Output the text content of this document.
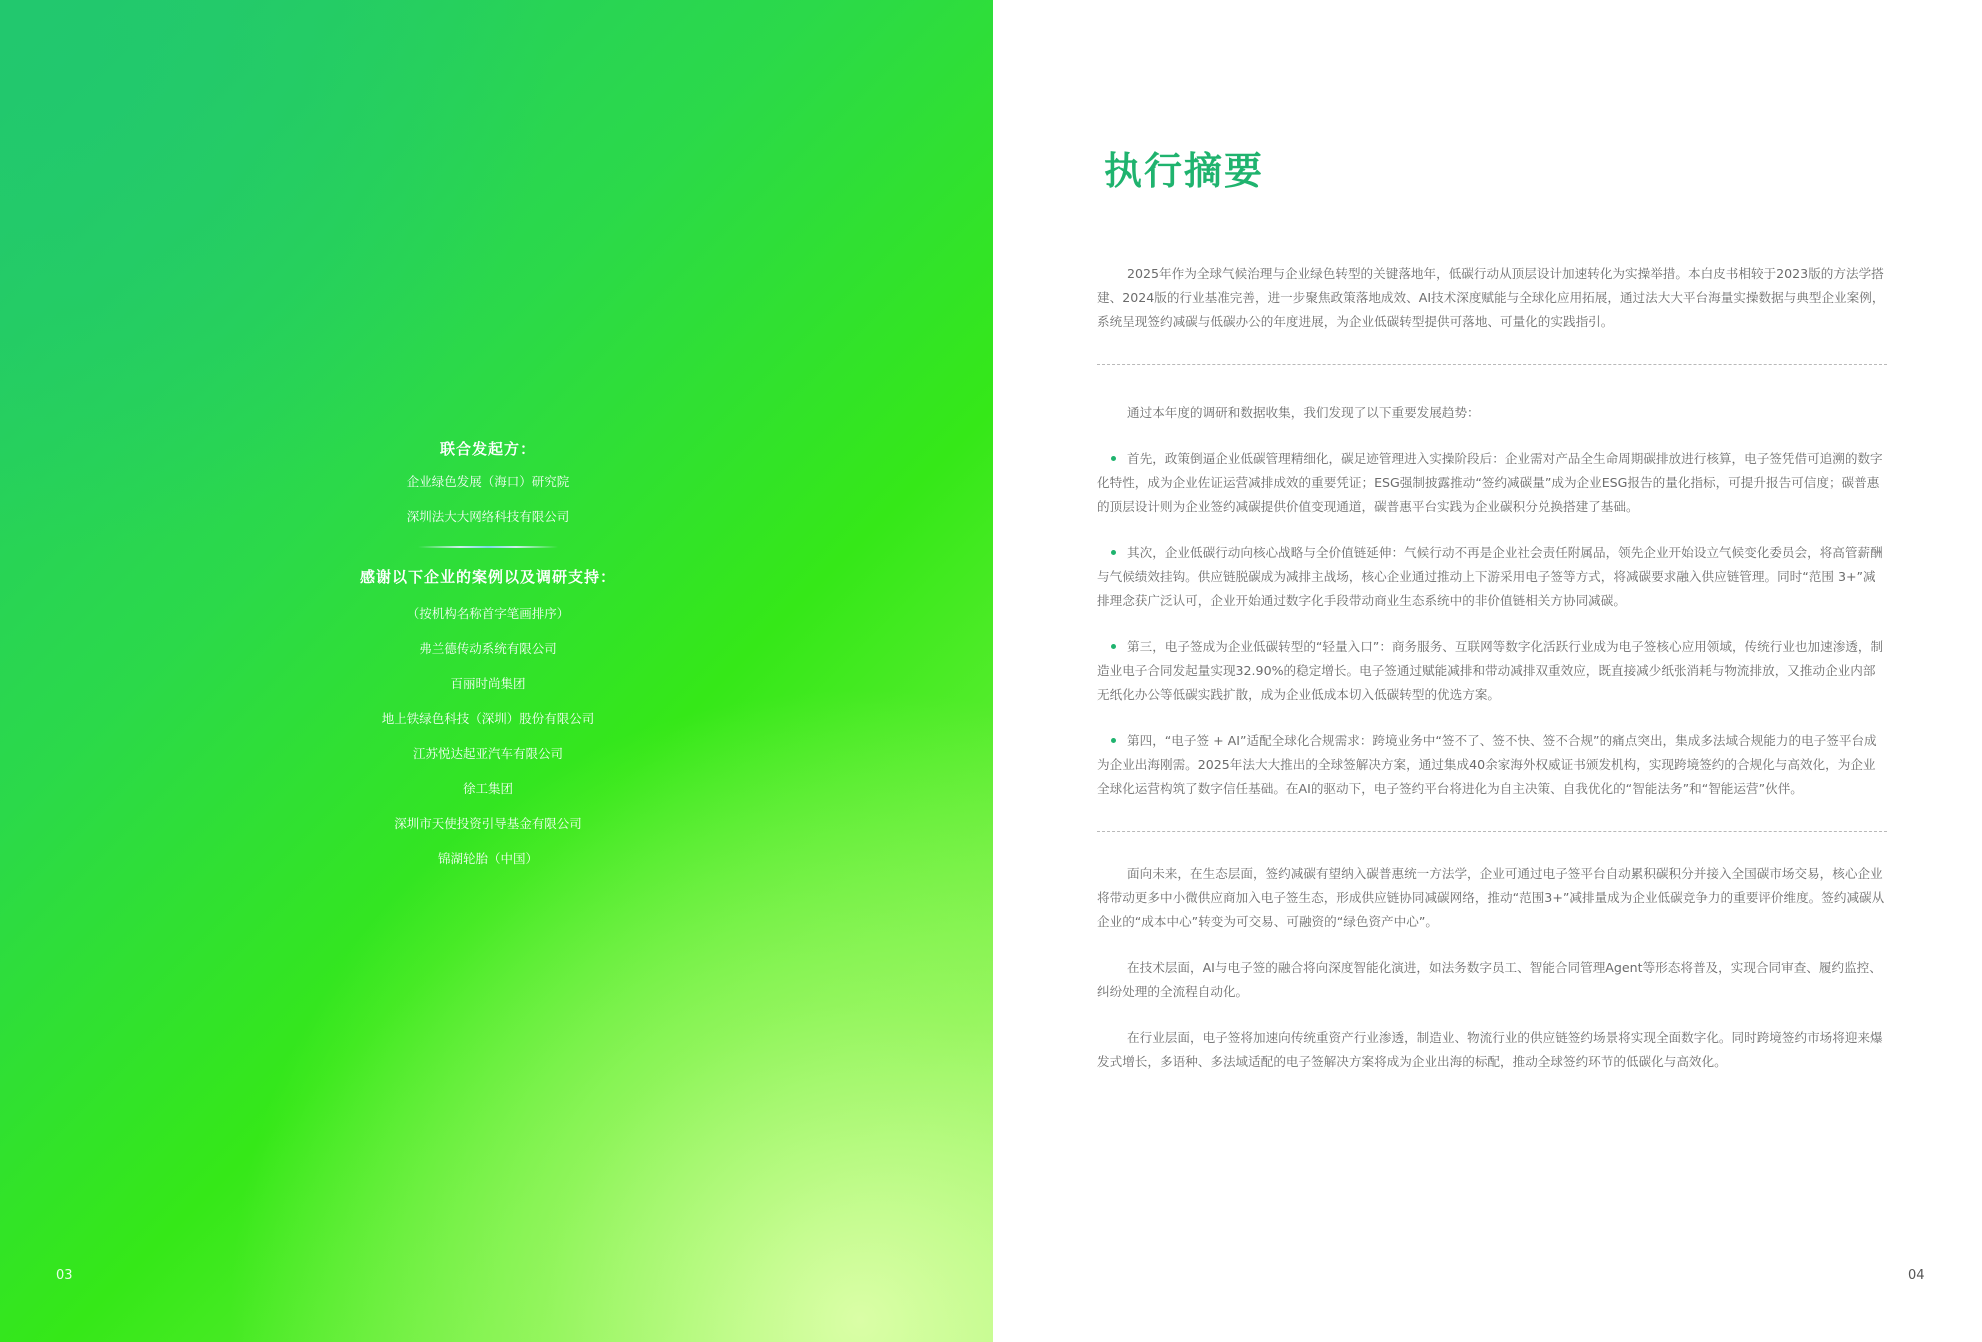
联合发起方：

企业绿色发展（海口）研究院

深圳法大大网络科技有限公司

感谢以下企业的案例以及调研支持：

（按机构名称首字笔画排序）

弗兰德传动系统有限公司

百丽时尚集团

地上铁绿色科技（深圳）股份有限公司

江苏悦达起亚汽车有限公司

徐工集团

深圳市天使投资引导基金有限公司

锦湖轮胎（中国）

03
执行摘要

2025年作为全球气候治理与企业绿色转型的关键落地年，低碳行动从顶层设计加速转化为实操举措。本白皮书相较于2023版的方法学搭建、2024版的行业基准完善，进一步聚焦政策落地成效、AI技术深度赋能与全球化应用拓展，通过法大大平台海量实操数据与典型企业案例，系统呈现签约减碳与低碳办公的年度进展，为企业低碳转型提供可落地、可量化的实践指引。

通过本年度的调研和数据收集，我们发现了以下重要发展趋势：

首先，政策倒逼企业低碳管理精细化，碳足迹管理进入实操阶段后：企业需对产品全生命周期碳排放进行核算，电子签凭借可追溯的数字化特性，成为企业佐证运营减排成效的重要凭证；ESG强制披露推动“签约减碳量”成为企业ESG报告的量化指标，可提升报告可信度；碳普惠的顶层设计则为企业签约减碳提供价值变现通道，碳普惠平台实践为企业碳积分兑换搭建了基础。

其次，企业低碳行动向核心战略与全价值链延伸：气候行动不再是企业社会责任附属品，领先企业开始设立气候变化委员会，将高管薪酬与气候绩效挂钩。供应链脱碳成为减排主战场，核心企业通过推动上下游采用电子签等方式，将减碳要求融入供应链管理。同时“范围 3+”减排理念获广泛认可，企业开始通过数字化手段带动商业生态系统中的非价值链相关方协同减碳。

第三，电子签成为企业低碳转型的“轻量入口”：商务服务、互联网等数字化活跃行业成为电子签核心应用领域，传统行业也加速渗透，制造业电子合同发起量实现32.90%的稳定增长。电子签通过赋能减排和带动减排双重效应，既直接减少纸张消耗与物流排放，又推动企业内部无纸化办公等低碳实践扩散，成为企业低成本切入低碳转型的优选方案。

第四，“电子签 + AI”适配全球化合规需求：跨境业务中“签不了、签不快、签不合规”的痛点突出，集成多法域合规能力的电子签平台成为企业出海刚需。2025年法大大推出的全球签解决方案，通过集成40余家海外权威证书颁发机构，实现跨境签约的合规化与高效化，为企业全球化运营构筑了数字信任基础。在AI的驱动下，电子签约平台将进化为自主决策、自我优化的“智能法务”和“智能运营”伙伴。

面向未来，在生态层面，签约减碳有望纳入碳普惠统一方法学，企业可通过电子签平台自动累积碳积分并接入全国碳市场交易，核心企业将带动更多中小微供应商加入电子签生态，形成供应链协同减碳网络，推动“范围3+”减排量成为企业低碳竞争力的重要评价维度。签约减碳从企业的“成本中心”转变为可交易、可融资的“绿色资产中心”。

在技术层面，AI与电子签的融合将向深度智能化演进，如法务数字员工、智能合同管理Agent等形态将普及，实现合同审查、履约监控、纠纷处理的全流程自动化。

在行业层面，电子签将加速向传统重资产行业渗透，制造业、物流行业的供应链签约场景将实现全面数字化。同时跨境签约市场将迎来爆发式增长，多语种、多法域适配的电子签解决方案将成为企业出海的标配，推动全球签约环节的低碳化与高效化。

04
